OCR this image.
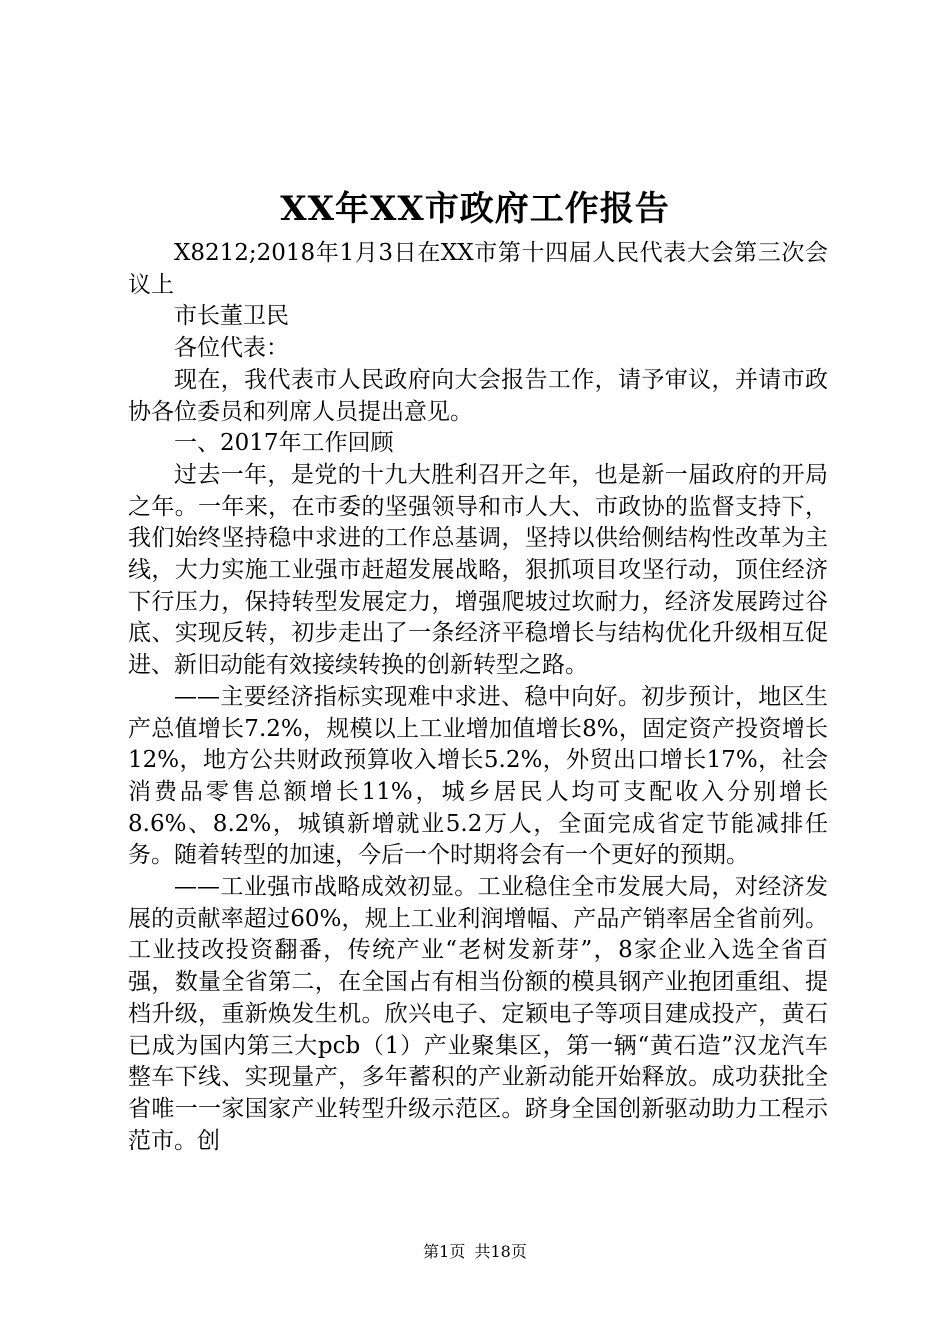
XX年XX市政府工作报告

X8212;2018年1月3日在XX市第十四届人民代表大会第三次会议上

市长董卫民

各位代表：

现在，我代表市人民政府向大会报告工作，请予审议，并请市政协各位委员和列席人员提出意见。

一、2017年工作回顾

过去一年，是党的十九大胜利召开之年，也是新一届政府的开局之年。一年来，在市委的坚强领导和市人大、市政协的监督支持下，我们始终坚持稳中求进的工作总基调，坚持以供给侧结构性改革为主线，大力实施工业强市赶超发展战略，狠抓项目攻坚行动，顶住经济下行压力，保持转型发展定力，增强爬坡过坎耐力，经济发展跨过谷底、实现反转，初步走出了一条经济平稳增长与结构优化升级相互促进、新旧动能有效接续转换的创新转型之路。

——主要经济指标实现难中求进、稳中向好。初步预计，地区生产总值增长7.2%，规模以上工业增加值增长8%，固定资产投资增长12%，地方公共财政预算收入增长5.2%，外贸出口增长17%，社会消费品零售总额增长11%，城乡居民人均可支配收入分别增长8.6%、8.2%，城镇新增就业5.2万人，全面完成省定节能减排任务。随着转型的加速，今后一个时期将会有一个更好的预期。

——工业强市战略成效初显。工业稳住全市发展大局，对经济发展的贡献率超过60%，规上工业利润增幅、产品产销率居全省前列。工业技改投资翻番，传统产业“老树发新芽”，8家企业入选全省百强，数量全省第二，在全国占有相当份额的模具钢产业抱团重组、提档升级，重新焕发生机。欣兴电子、定颖电子等项目建成投产，黄石已成为国内第三大pcb（1）产业聚集区，第一辆“黄石造”汉龙汽车整车下线、实现量产，多年蓄积的产业新动能开始释放。成功获批全省唯一一家国家产业转型升级示范区。跻身全国创新驱动助力工程示范市。创

第1页 共18页
